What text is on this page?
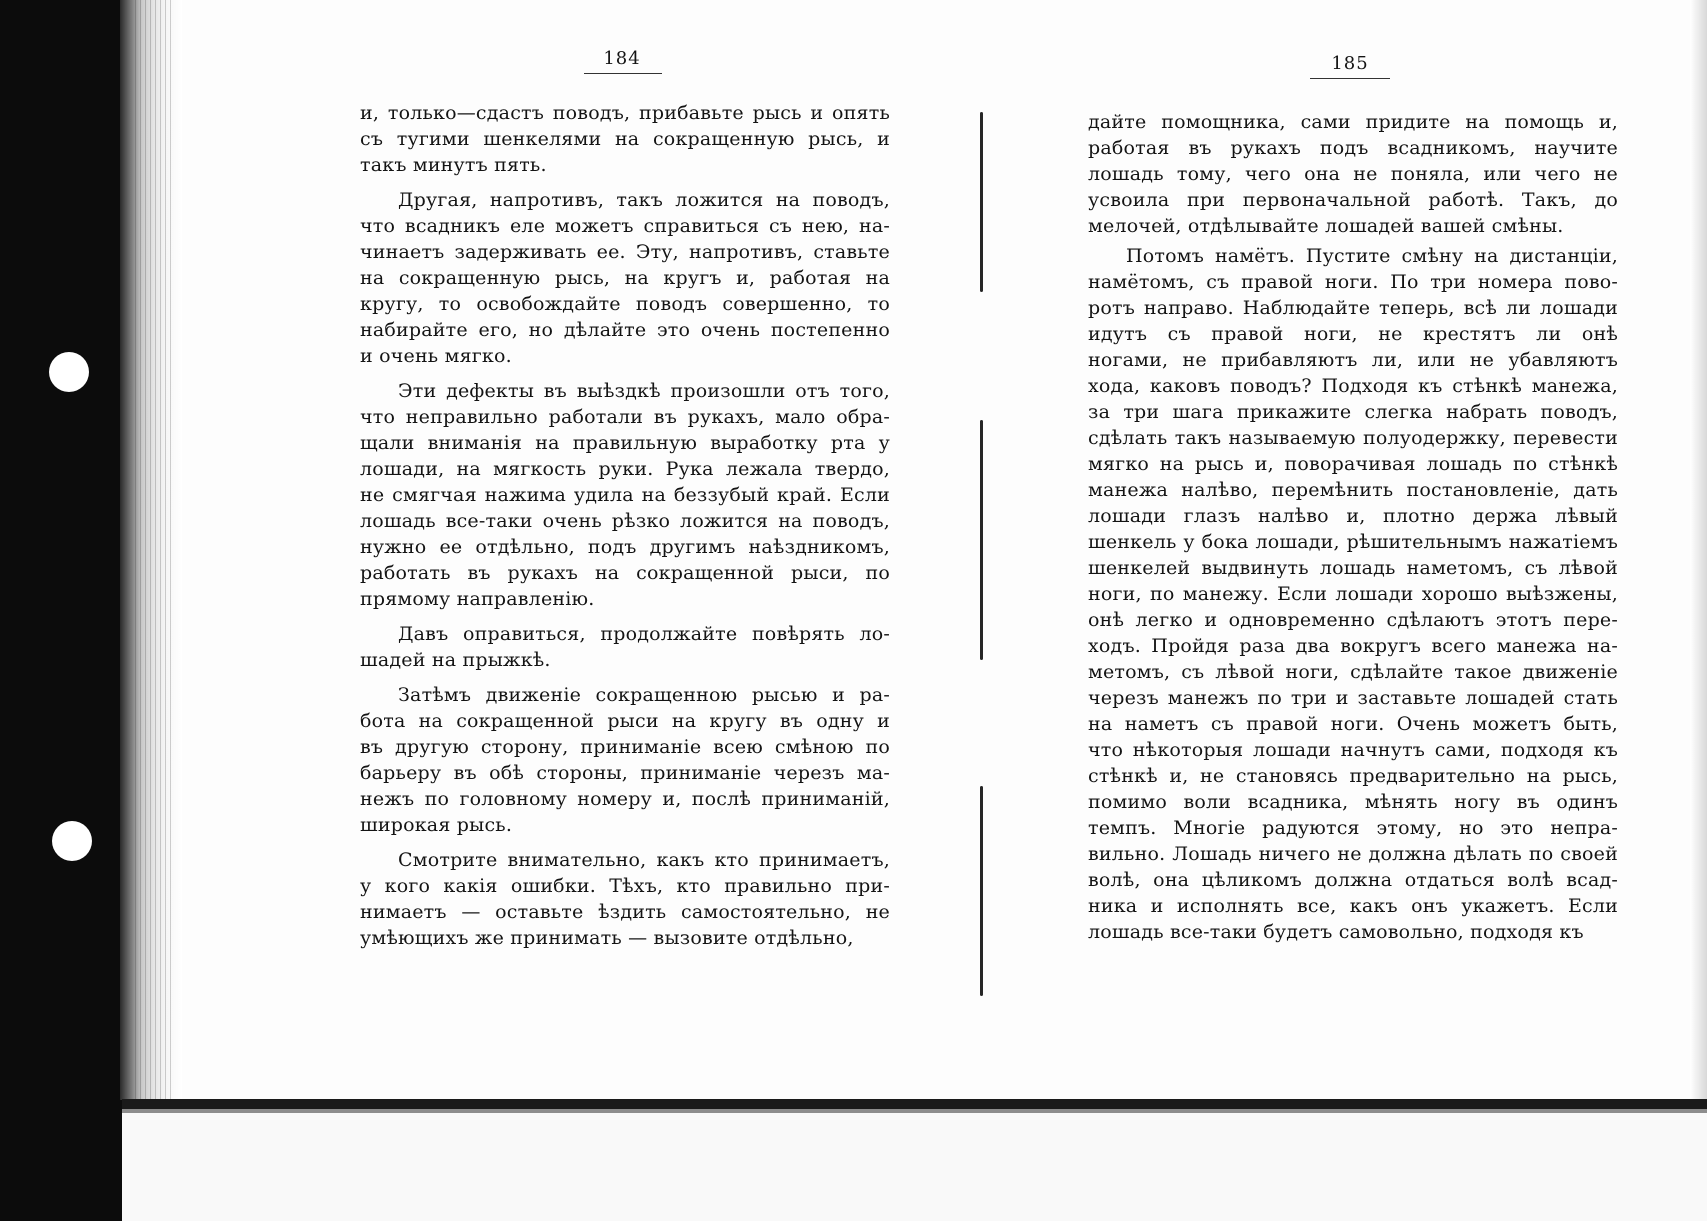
184	185
и, только—сдастъ поводъ, прибавьте рысь и опять
съ тугими шенкелями на сокращенную рысь, и
такъ минутъ пять.
Другая, напротивъ, такъ ложится на поводъ,
что всадникъ еле можетъ справиться съ нею, на-
чинаетъ задерживать ее. Эту, напротивъ, ставьте
на сокращенную рысь, на кругъ и, работая на
кругу, то освобождайте поводъ совершенно, то
набирайте его, но дѣлайте это очень постепенно
и очень мягко.
Эти дефекты въ выѣздкѣ произошли отъ того,
что неправильно работали въ рукахъ, мало обра-
щали вниманія на правильную выработку рта у
лошади, на мягкость руки. Рука лежала твердо,
не смягчая нажима удила на беззубый край. Если
лошадь все-таки очень рѣзко ложится на поводъ,
нужно ее отдѣльно, подъ другимъ наѣздникомъ,
работать въ рукахъ на сокращенной рыси, по
прямому направленію.
Давъ оправиться, продолжайте повѣрять ло-
шадей на прыжкѣ.
Затѣмъ движеніе сокращенною рысью и ра-
бота на сокращенной рыси на кругу въ одну и
въ другую сторону, приниманіе всею смѣною по
барьеру въ обѣ стороны, приниманіе черезъ ма-
нежъ по головному номеру и, послѣ приниманій,
широкая рысь.
Смотрите внимательно, какъ кто принимаетъ,
у кого какія ошибки. Тѣхъ, кто правильно при-
нимаетъ — оставьте ѣздить самостоятельно, не
умѣющихъ же принимать — вызовите отдѣльно,
дайте помощника, сами придите на помощь и,
работая въ рукахъ подъ всадникомъ, научите
лошадь тому, чего она не поняла, или чего не
усвоила при первоначальной работѣ. Такъ, до
мелочей, отдѣлывайте лошадей вашей смѣны.
Потомъ намётъ. Пустите смѣну на дистанціи,
намётомъ, съ правой ноги. По три номера пово-
ротъ направо. Наблюдайте теперь, всѣ ли лошади
идутъ съ правой ноги, не крестятъ ли онѣ
ногами, не прибавляютъ ли, или не убавляютъ
хода, каковъ поводъ? Подходя къ стѣнкѣ манежа,
за три шага прикажите слегка набрать поводъ,
сдѣлать такъ называемую полуодержку, перевести
мягко на рысь и, поворачивая лошадь по стѣнкѣ
манежа налѣво, перемѣнить постановленіе, дать
лошади глазъ налѣво и, плотно держа лѣвый
шенкель у бока лошади, рѣшительнымъ нажатіемъ
шенкелей выдвинуть лошадь наметомъ, съ лѣвой
ноги, по манежу. Если лошади хорошо выѣзжены,
онѣ легко и одновременно сдѣлаютъ этотъ пере-
ходъ. Пройдя раза два вокругъ всего манежа на-
метомъ, съ лѣвой ноги, сдѣлайте такое движеніе
черезъ манежъ по три и заставьте лошадей стать
на наметъ съ правой ноги. Очень можетъ быть,
что нѣкоторыя лошади начнутъ сами, подходя къ
стѣнкѣ и, не становясь предварительно на рысь,
помимо воли всадника, мѣнять ногу въ одинъ
темпъ. Многіе радуются этому, но это непра-
вильно. Лошадь ничего не должна дѣлать по своей
волѣ, она цѣликомъ должна отдаться волѣ всад-
ника и исполнять все, какъ онъ укажетъ. Если
лошадь все-таки будетъ самовольно, подходя къ
